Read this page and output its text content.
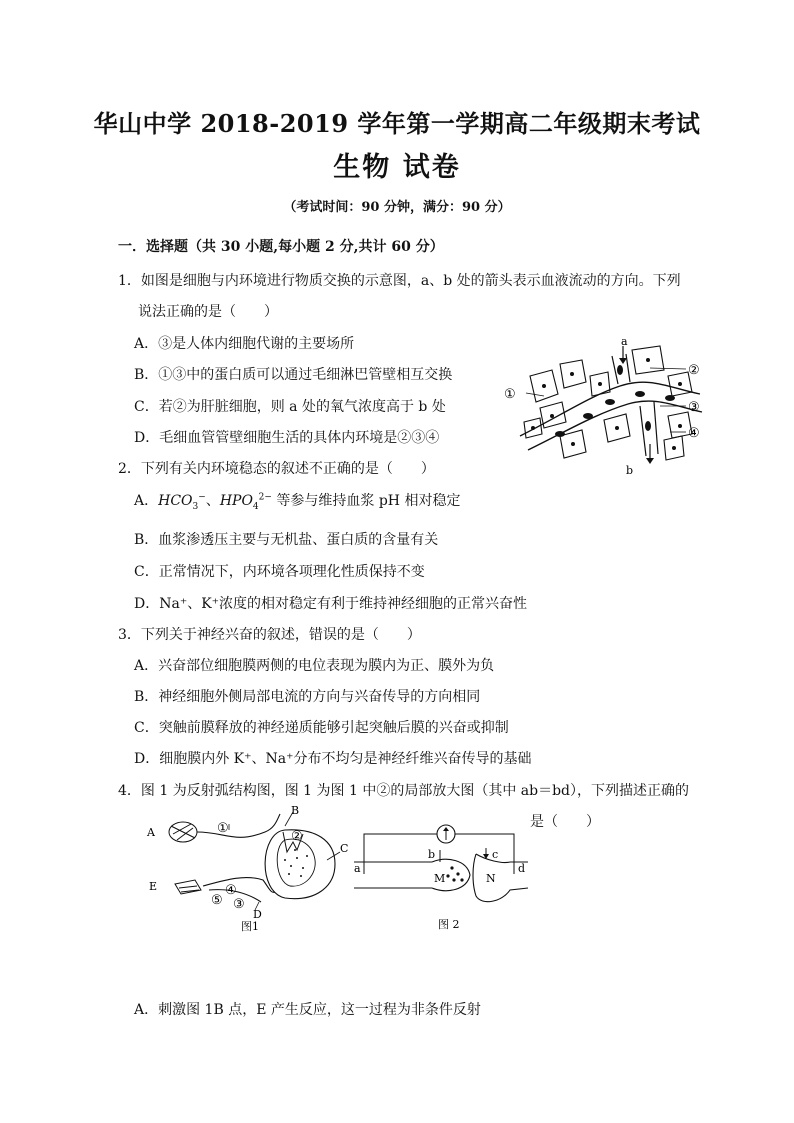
华山中学 2018-2019 学年第一学期高二年级期末考试
生物 试卷
（考试时间：90 分钟，满分：90 分）
一．选择题（共 30 小题,每小题 2 分,共计 60 分）
1．如图是细胞与内环境进行物质交换的示意图，a、b 处的箭头表示血液流动的方向。下列
说法正确的是（　　）
A．③是人体内细胞代谢的主要场所
B．①③中的蛋白质可以通过毛细淋巴管壁相互交换
C．若②为肝脏细胞，则 a 处的氧气浓度高于 b 处
D．毛细血管管壁细胞生活的具体内环境是②③④
a
b
①
②
③
④
2．下列有关内环境稳态的叙述不正确的是（　　）
A．$HCO_3^-$、$HPO_4^{2-}$ 等参与维持血浆 pH 相对稳定
B．血浆渗透压主要与无机盐、蛋白质的含量有关
C．正常情况下，内环境各项理化性质保持不变
D．Na⁺、K⁺浓度的相对稳定有利于维持神经细胞的正常兴奋性
3．下列关于神经兴奋的叙述，错误的是（　　）
A．兴奋部位细胞膜两侧的电位表现为膜内为正、膜外为负
B．神经细胞外侧局部电流的方向与兴奋传导的方向相同
C．突触前膜释放的神经递质能够引起突触后膜的兴奋或抑制
D．细胞膜内外 K⁺、Na⁺分布不均匀是神经纤维兴奋传导的基础
4．图 1 为反射弧结构图，图 1 为图 1 中②的局部放大图（其中 ab＝bd），下列描述正确的
是（　　）
A
B
C
D
E
①
②
③
④
⑤
图1
a
b	c
d
M	N
图 2
A．刺激图 1B 点，E 产生反应，这一过程为非条件反射
